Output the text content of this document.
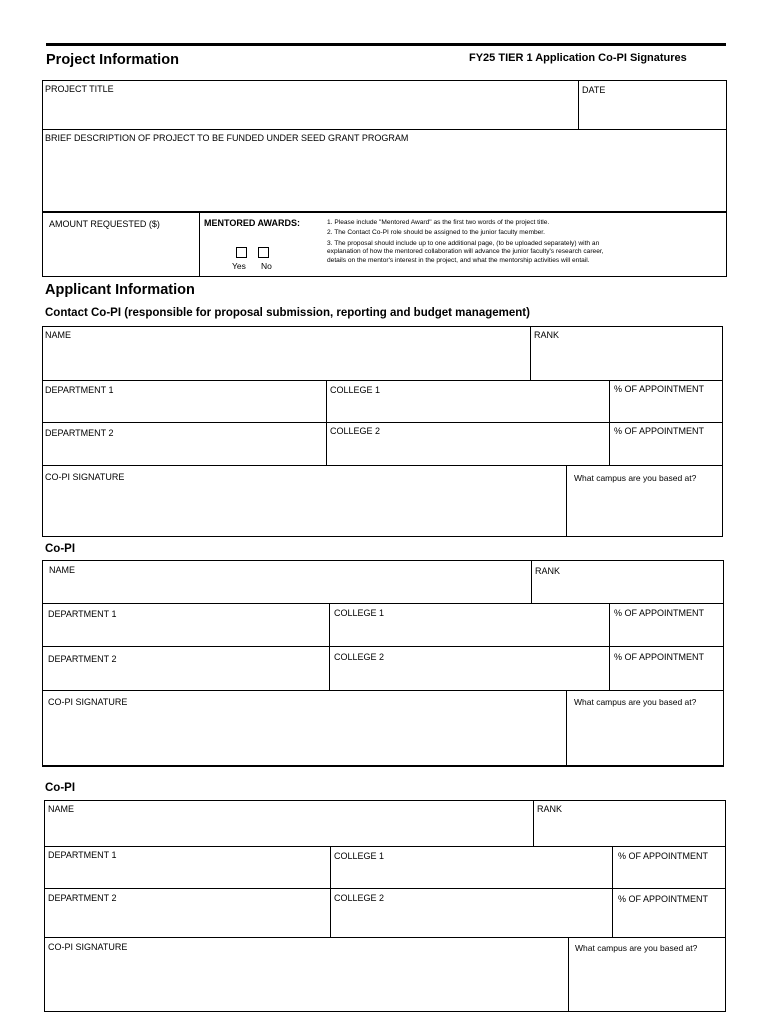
Project Information	FY25 TIER 1 Application Co-PI Signatures
PROJECT TITLE	DATE
BRIEF DESCRIPTION OF PROJECT TO BE FUNDED UNDER SEED GRANT PROGRAM
AMOUNT REQUESTED ($)	MENTORED AWARDS:
Yes No
1. Please include "Mentored Award" as the first two words of the project title.
2. The Contact Co-PI role should be assigned to the junior faculty member.
3. The proposal should include up to one additional page, (to be uploaded separately) with an
explanation of how the mentored collaboration will advance the junior faculty's research career,
details on the mentor's interest in the project, and what the mentorship activities will entail.
Applicant Information
Contact Co-PI (responsible for proposal submission, reporting and budget management)
NAME	RANK
DEPARTMENT 1	COLLEGE 1	% OF APPOINTMENT
DEPARTMENT 2	COLLEGE 2	% OF APPOINTMENT
CO-PI SIGNATURE	What campus are you based at?
Co-PI
NAME	RANK
DEPARTMENT 1	COLLEGE 1	% OF APPOINTMENT
DEPARTMENT 2	COLLEGE 2	% OF APPOINTMENT
CO-PI SIGNATURE	What campus are you based at?
Co-PI
NAME	RANK
DEPARTMENT 1	COLLEGE 1	% OF APPOINTMENT
DEPARTMENT 2	COLLEGE 2	% OF APPOINTMENT
CO-PI SIGNATURE	What campus are you based at?
